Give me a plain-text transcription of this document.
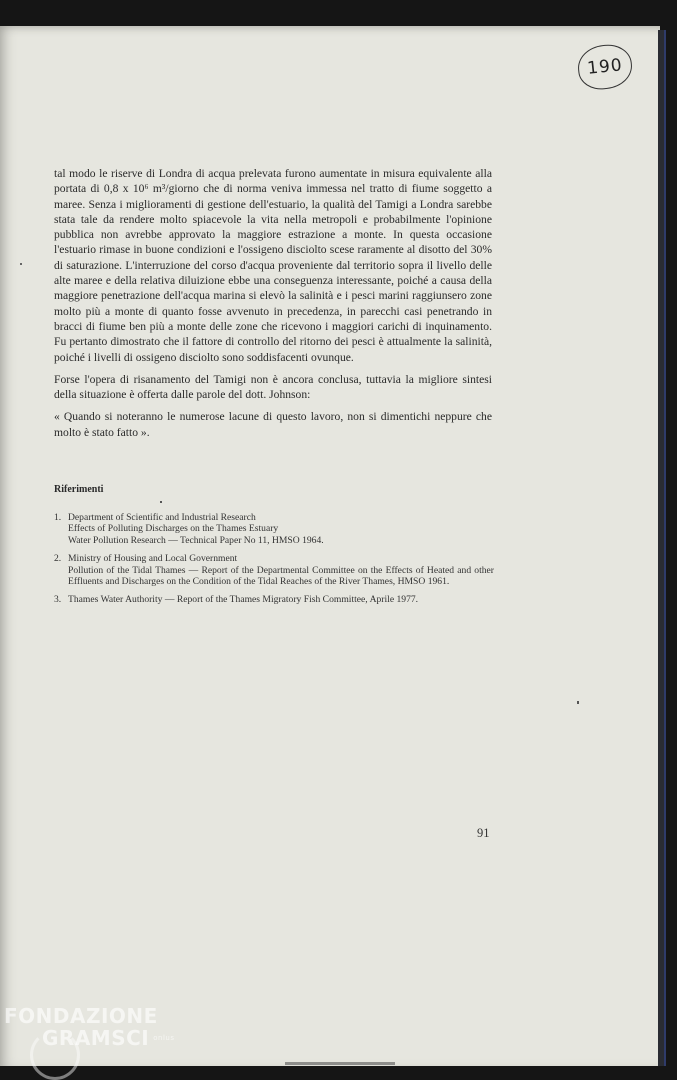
190

tal modo le riserve di Londra di acqua prelevata furono aumentate in misura equivalente alla portata di 0,8 x 10⁶ m³/giorno che di norma veniva immessa nel tratto di fiume soggetto a maree. Senza i miglioramenti di gestione dell'estuario, la qualità del Tamigi a Londra sarebbe stata tale da rendere molto spiacevole la vita nella metropoli e probabilmente l'opinione pubblica non avrebbe approvato la maggiore estrazione a monte. In questa occasione l'estuario rimase in buone condizioni e l'ossigeno disciolto scese raramente al disotto del 30% di saturazione. L'interruzione del corso d'acqua proveniente dal territorio sopra il livello delle alte maree e della relativa diluizione ebbe una conseguenza interessante, poiché a causa della maggiore penetrazione dell'acqua marina si elevò la salinità e i pesci marini raggiunsero zone molto più a monte di quanto fosse avvenuto in precedenza, in parecchi casi penetrando in bracci di fiume ben più a monte delle zone che ricevono i maggiori carichi di inquinamento. Fu pertanto dimostrato che il fattore di controllo del ritorno dei pesci è attualmente la salinità, poiché i livelli di ossigeno disciolto sono soddisfacenti ovunque.

Forse l'opera di risanamento del Tamigi non è ancora conclusa, tuttavia la migliore sintesi della situazione è offerta dalle parole del dott. Johnson:

« Quando si noteranno le numerose lacune di questo lavoro, non si dimentichi neppure che molto è stato fatto ».

Riferimenti
1. Department of Scientific and Industrial Research
Effects of Polluting Discharges on the Thames Estuary
Water Pollution Research — Technical Paper No 11, HMSO 1964.
2. Ministry of Housing and Local Government
Pollution of the Tidal Thames — Report of the Departmental Committee on the Effects of Heated and other Effluents and Discharges on the Condition of the Tidal Reaches of the River Thames, HMSO 1961.
3. Thames Water Authority — Report of the Thames Migratory Fish Committee, Aprile 1977.
91
FONDAZIONE
GRAMSCI onlus
